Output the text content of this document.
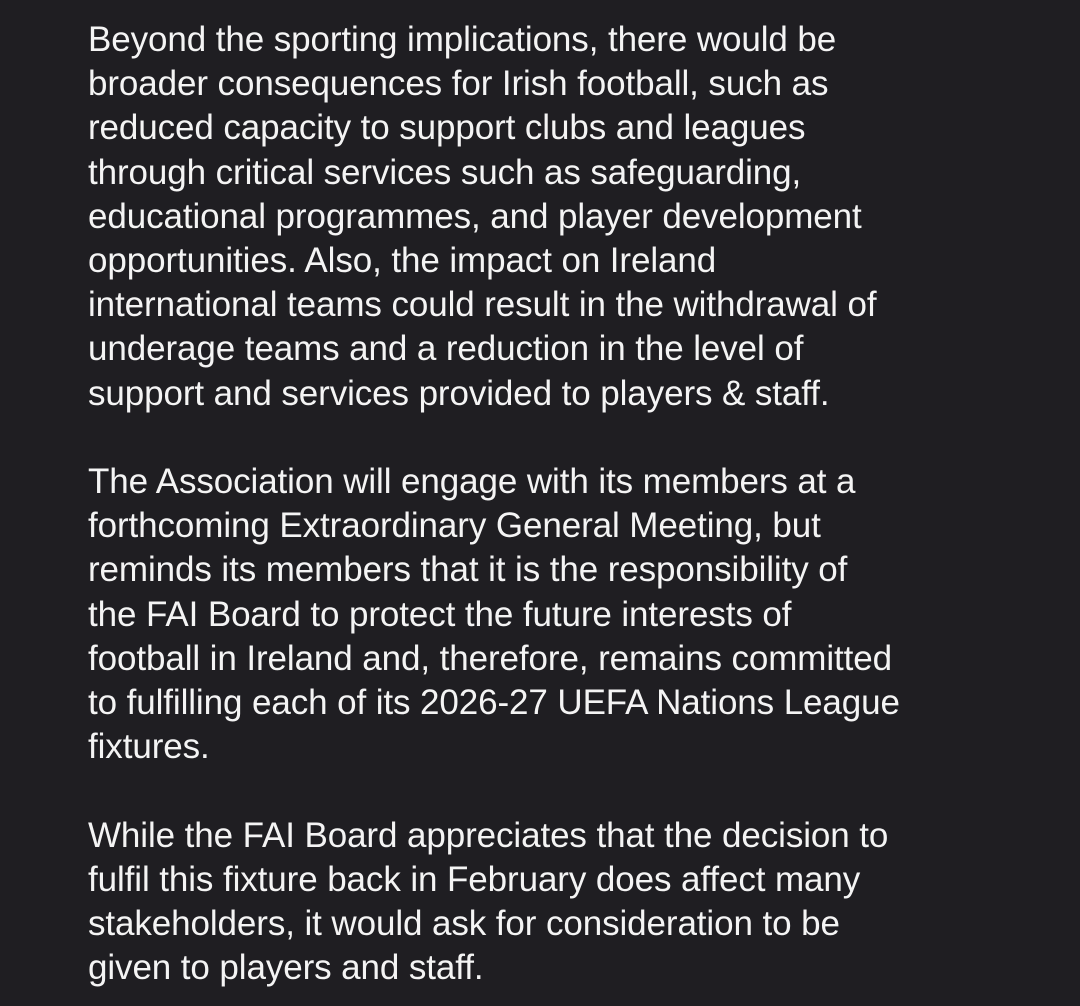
Beyond the sporting implications, there would be
broader consequences for Irish football, such as
reduced capacity to support clubs and leagues
through critical services such as safeguarding,
educational programmes, and player development
opportunities. Also, the impact on Ireland
international teams could result in the withdrawal of
underage teams and a reduction in the level of
support and services provided to players & staff.

The Association will engage with its members at a
forthcoming Extraordinary General Meeting, but
reminds its members that it is the responsibility of
the FAI Board to protect the future interests of
football in Ireland and, therefore, remains committed
to fulfilling each of its 2026-27 UEFA Nations League
fixtures.

While the FAI Board appreciates that the decision to
fulfil this fixture back in February does affect many
stakeholders, it would ask for consideration to be
given to players and staff.
